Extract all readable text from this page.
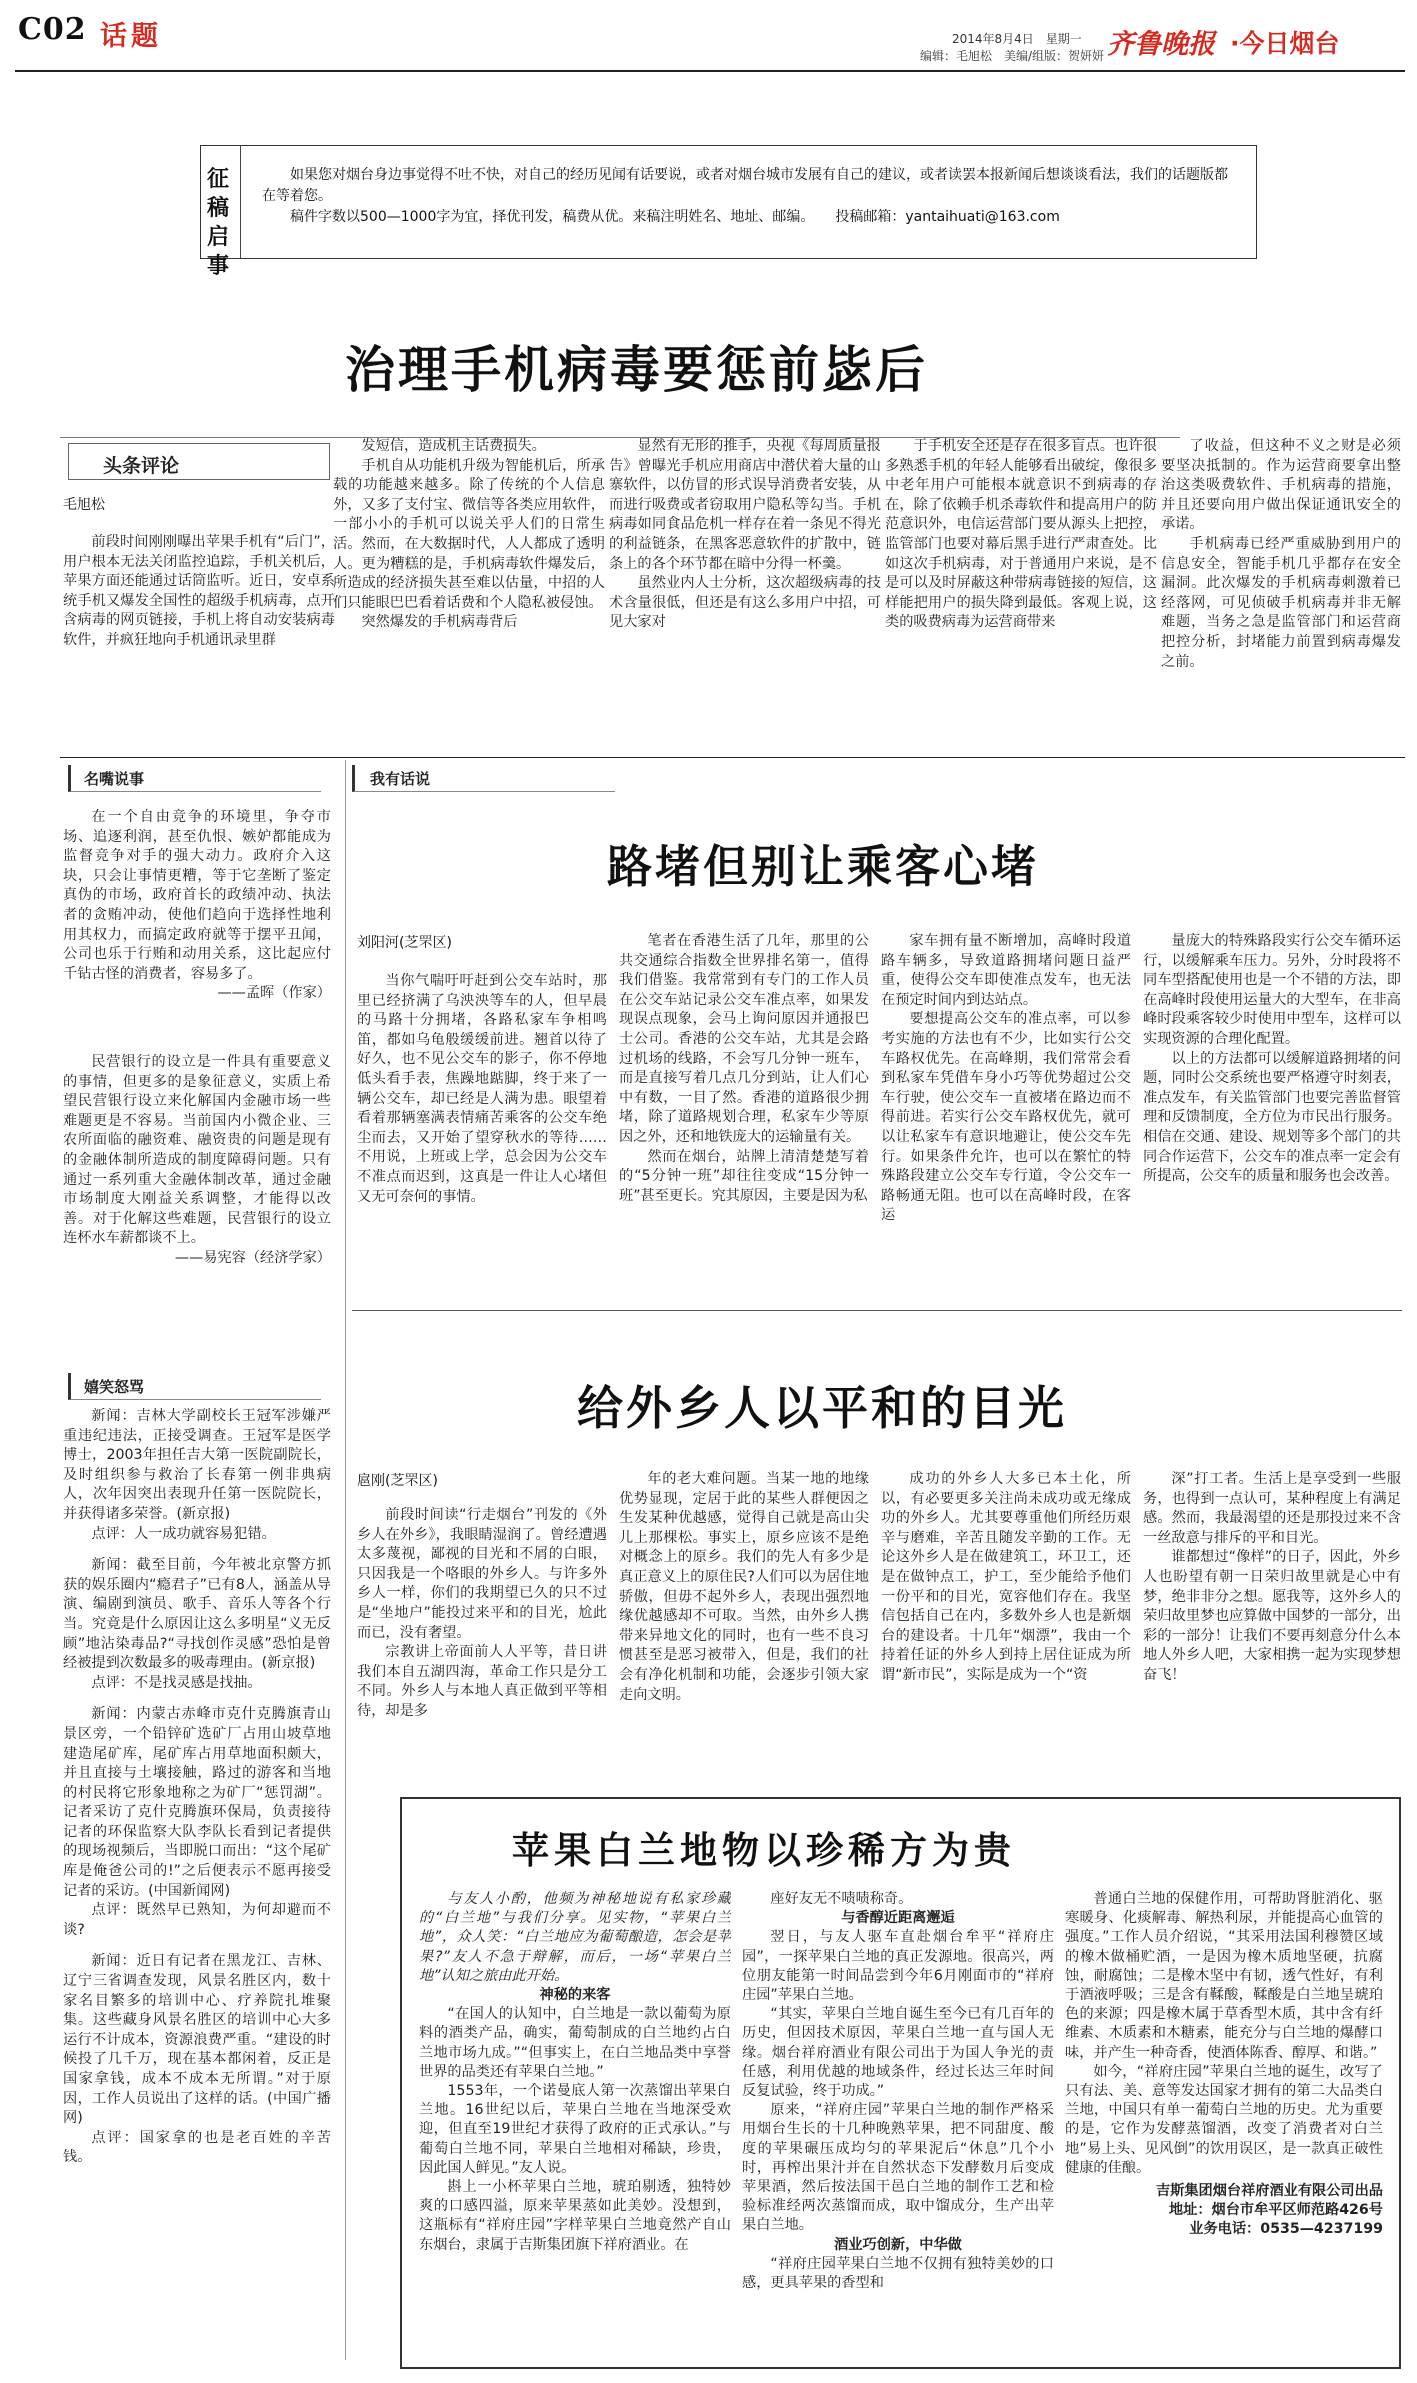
C02 话题	2014年8月4日　星期一
编辑：毛旭松　美编/组版：贺妍妍 齐鲁晚报 ·今日烟台
征稿启事
如果您对烟台身边事觉得不吐不快，对自己的经历见闻有话要说，或者对烟台城市发展有自己的建议，或者读罢本报新闻后想谈谈看法，我们的话题版都在等着您。
稿件字数以500—1000字为宜，择优刊发，稿费从优。来稿注明姓名、地址、邮编。　　 投稿邮箱：yantaihuati@163.com
治理手机病毒要惩前毖后
头条评论
毛旭松

前段时间刚刚曝出苹果手机有“后门”，用户根本无法关闭监控追踪，手机关机后，苹果方面还能通过话筒监听。近日，安卓系统手机又爆发全国性的超级手机病毒，点开含病毒的网页链接，手机上将自动安装病毒软件，并疯狂地向手机通讯录里群

发短信，造成机主话费损失。

手机自从功能机升级为智能机后，所承载的功能越来越多。除了传统的个人信息外，又多了支付宝、微信等各类应用软件，一部小小的手机可以说关乎人们的日常生活。然而，在大数据时代，人人都成了透明人。更为糟糕的是，手机病毒软件爆发后，所造成的经济损失甚至难以估量，中招的人们只能眼巴巴看着话费和个人隐私被侵蚀。

突然爆发的手机病毒背后

显然有无形的推手，央视《每周质量报告》曾曝光手机应用商店中潜伏着大量的山寨软件，以仿冒的形式误导消费者安装，从而进行吸费或者窃取用户隐私等勾当。手机病毒如同食品危机一样存在着一条见不得光的利益链条，在黑客恶意软件的扩散中，链条上的各个环节都在暗中分得一杯羹。

虽然业内人士分析，这次超级病毒的技术含量很低，但还是有这么多用户中招，可见大家对

于手机安全还是存在很多盲点。也许很多熟悉手机的年轻人能够看出破绽，像很多中老年用户可能根本就意识不到病毒的存在，除了依赖手机杀毒软件和提高用户的防范意识外，电信运营部门要从源头上把控，监管部门也要对幕后黑手进行严肃查处。比如这次手机病毒，对于普通用户来说，是不是可以及时屏蔽这种带病毒链接的短信，这样能把用户的损失降到最低。客观上说，这类的吸费病毒为运营商带来

了收益，但这种不义之财是必须要坚决抵制的。作为运营商要拿出整治这类吸费软件、手机病毒的措施，并且还要向用户做出保证通讯安全的承诺。

手机病毒已经严重威胁到用户的信息安全，智能手机几乎都存在安全漏洞。此次爆发的手机病毒刺激着已经落网，可见侦破手机病毒并非无解难题，当务之急是监管部门和运营商把控分析，封堵能力前置到病毒爆发之前。

名嘴说事

在一个自由竞争的环境里，争夺市场、追逐利润，甚至仇恨、嫉妒都能成为监督竞争对手的强大动力。政府介入这块，只会让事情更糟，等于它垄断了鉴定真伪的市场，政府首长的政绩冲动、执法者的贪贿冲动，使他们趋向于选择性地利用其权力，而搞定政府就等于摆平丑闻，公司也乐于行贿和动用关系，这比起应付千钻古怪的消费者，容易多了。

——孟晖（作家）

民营银行的设立是一件具有重要意义的事情，但更多的是象征意义，实质上希望民营银行设立来化解国内金融市场一些难题更是不容易。当前国内小微企业、三农所面临的融资难、融资贵的问题是现有的金融体制所造成的制度障碍问题。只有通过一系列重大金融体制改革，通过金融市场制度大刚益关系调整，才能得以改善。对于化解这些难题，民营银行的设立连杯水车薪都谈不上。

——易宪容（经济学家）

嬉笑怒骂

新闻：吉林大学副校长王冠军涉嫌严重违纪违法，正接受调查。王冠军是医学博士，2003年担任吉大第一医院副院长，及时组织参与救治了长春第一例非典病人，次年因突出表现升任第一医院院长，并获得诸多荣誉。(新京报)

点评：人一成功就容易犯错。

新闻：截至目前，今年被北京警方抓获的娱乐圈内“瘾君子”已有8人，涵盖从导演、编剧到演员、歌手、音乐人等各个行当。究竟是什么原因让这么多明星“义无反顾”地沾染毒品?“寻找创作灵感”恐怕是曾经被提到次数最多的吸毒理由。(新京报)

点评：不是找灵感是找抽。

新闻：内蒙古赤峰市克什克腾旗青山景区旁，一个铅锌矿选矿厂占用山坡草地建造尾矿库，尾矿库占用草地面积颇大，并且直接与土壤接触，路过的游客和当地的村民将它形象地称之为矿厂“惩罚湖”。记者采访了克什克腾旗环保局，负责接待记者的环保监察大队李队长看到记者提供的现场视频后，当即脱口而出：“这个尾矿库是俺爸公司的!”之后便表示不愿再接受记者的采访。(中国新闻网)

点评：既然早已熟知，为何却避而不谈?

新闻：近日有记者在黑龙江、吉林、辽宁三省调查发现，风景名胜区内，数十家名目繁多的培训中心、疗养院扎堆聚集。这些藏身风景名胜区的培训中心大多运行不计成本，资源浪费严重。“建设的时候投了几千万，现在基本都闲着，反正是国家拿钱，成本不成本无所谓。”对于原因，工作人员说出了这样的话。(中国广播网)

点评：国家拿的也是老百姓的辛苦钱。

我有话说
路堵但别让乘客心堵
刘阳河(芝罘区)

当你气喘吁吁赶到公交车站时，那里已经挤满了乌泱泱等车的人，但早晨的马路十分拥堵，各路私家车争相鸣笛，都如乌龟般缓缓前进。翘首以待了好久，也不见公交车的影子，你不停地低头看手表，焦躁地踮脚，终于来了一辆公交车，却已经是人满为患。眼望着看着那辆塞满表情痛苦乘客的公交车绝尘而去，又开始了望穿秋水的等待……不用说，上班或上学，总会因为公交车不准点而迟到，这真是一件让人心堵但又无可奈何的事情。

笔者在香港生活了几年，那里的公共交通综合指数全世界排名第一，值得我们借鉴。我常常到有专门的工作人员在公交车站记录公交车准点率，如果发现误点现象，会马上询问原因并通报巴士公司。香港的公交车站，尤其是会路过机场的线路，不会写几分钟一班车，而是直接写着几点几分到站，让人们心中有数，一目了然。香港的道路很少拥堵，除了道路规划合理，私家车少等原因之外，还和地铁庞大的运输量有关。

然而在烟台，站牌上清清楚楚写着的“5分钟一班”却往往变成“15分钟一班”甚至更长。究其原因，主要是因为私

家车拥有量不断增加，高峰时段道路车辆多，导致道路拥堵问题日益严重，使得公交车即使准点发车，也无法在预定时间内到达站点。

要想提高公交车的准点率，可以参考实施的方法也有不少，比如实行公交车路权优先。在高峰期，我们常常会看到私家车凭借车身小巧等优势超过公交车行驶，使公交车一直被堵在路边而不得前进。若实行公交车路权优先，就可以让私家车有意识地避让，使公交车先行。如果条件允许，也可以在繁忙的特殊路段建立公交车专行道，令公交车一路畅通无阻。也可以在高峰时段，在客运

量庞大的特殊路段实行公交车循环运行，以缓解乘车压力。另外，分时段将不同车型搭配使用也是一个不错的方法，即在高峰时段使用运量大的大型车，在非高峰时段乘客较少时使用中型车，这样可以实现资源的合理化配置。

以上的方法都可以缓解道路拥堵的问题，同时公交系统也要严格遵守时刻表，准点发车，有关监管部门也要完善监督管理和反馈制度，全方位为市民出行服务。相信在交通、建设、规划等多个部门的共同合作运营下，公交车的准点率一定会有所提高，公交车的质量和服务也会改善。

给外乡人以平和的目光
扈刚(芝罘区)

前段时间读“行走烟台”刊发的《外乡人在外乡》，我眼睛湿润了。曾经遭遇太多蔑视，鄙视的目光和不屑的白眼，只因我是一个咯眼的外乡人。与许多外乡人一样，你们的我期望已久的只不过是“坐地户”能投过来平和的目光，尬此而已，没有奢望。

宗教讲上帝面前人人平等，昔日讲我们本自五湖四海，革命工作只是分工不同。外乡人与本地人真正做到平等相待，却是多

年的老大难问题。当某一地的地缘优势显现，定居于此的某些人群便因之生发某种优越感，觉得自己就是高山尖儿上那棵松。事实上，原乡应该不是绝对概念上的原乡。我们的先人有多少是真正意义上的原住民?人们可以为居住地骄傲，但毋不起外乡人，表现出强烈地缘优越感却不可取。当然，由外乡人携带来异地文化的同时，也有一些不良习惯甚至是恶习被带入，但是，我们的社会有净化机制和功能，会逐步引领大家走向文明。

成功的外乡人大多已本土化，所以，有必要更多关注尚未成功或无缘成功的外乡人。尤其要尊重他们所经历艰辛与磨难，辛苦且随发辛勤的工作。无论这外乡人是在做建筑工，环卫工，还是在做钟点工，护工，至少能给予他们一份平和的目光，宽容他们存在。我坚信包括自己在内，多数外乡人也是新烟台的建设者。十几年“烟漂”，我由一个持着任证的外乡人到持上居住证成为所谓“新市民”，实际是成为一个“资

深”打工者。生活上是享受到一些服务，也得到一点认可，某种程度上有满足感。然而，我最渴望的还是那投过来不含一丝敌意与排斥的平和目光。

谁都想过“像样”的日子，因此，外乡人也盼望有朝一日荣归故里就是心中有梦，绝非非分之想。愿我等，这外乡人的荣归故里梦也应算做中国梦的一部分，出彩的一部分！让我们不要再刻意分什么本地人外乡人吧，大家相携一起为实现梦想奋飞！

苹果白兰地物以珍稀方为贵

与友人小酌，他频为神秘地说有私家珍藏的“白兰地”与我们分享。见实物，“苹果白兰地”，众人笑：“白兰地应为葡萄酿造，怎会是苹果?”友人不急于辩解，而后，一场“苹果白兰地”认知之旅由此开始。

神秘的来客

“在国人的认知中，白兰地是一款以葡萄为原料的酒类产品，确实，葡萄制成的白兰地约占白兰地市场九成。”“但事实上，在白兰地品类中享誉世界的品类还有苹果白兰地。”

1553年，一个诺曼底人第一次蒸馏出苹果白兰地。16世纪以后，苹果白兰地在当地深受欢迎，但直至19世纪才获得了政府的正式承认。”与葡萄白兰地不同，苹果白兰地相对稀缺，珍贵，因此国人鲜见。”友人说。

斟上一小杯苹果白兰地，琥珀剔透，独特妙爽的口感四溢，原来苹果蒸如此美妙。没想到，这瓶标有“祥府庄园”字样苹果白兰地竟然产自山东烟台，隶属于吉斯集团旗下祥府酒业。在

座好友无不啧啧称奇。

与香醇近距离邂逅

翌日，与友人驱车直赴烟台牟平“祥府庄园”，一探苹果白兰地的真正发源地。很高兴，两位朋友能第一时间品尝到今年6月刚面市的“祥府庄园”苹果白兰地。

“其实，苹果白兰地自诞生至今已有几百年的历史，但因技术原因，苹果白兰地一直与国人无缘。烟台祥府酒业有限公司出于为国人争光的责任感，利用优越的地域条件，经过长达三年时间反复试验，终于功成。”

原来，“祥府庄园”苹果白兰地的制作严格采用烟台生长的十几种晚熟苹果，把不同甜度、酸度的苹果碾压成均匀的苹果泥后“休息”几个小时，再榨出果汁并在自然状态下发酵数月后变成苹果酒，然后按法国干邑白兰地的制作工艺和检验标准经两次蒸馏而成，取中馏成分，生产出苹果白兰地。

酒业巧创新，中华做

“祥府庄园苹果白兰地不仅拥有独特美妙的口感，更具苹果的香型和

普通白兰地的保健作用，可帮助肾脏消化、驱寒暖身、化痰解毒、解热利尿，并能提高心血管的强度。”工作人员介绍说，“其采用法国利穆赞区域的橡木做桶贮酒，一是因为橡木质地坚硬，抗腐蚀，耐腐蚀；二是橡木坚中有韧，透气性好，有利于酒液呼吸；三是含有鞣酸，鞣酸是白兰地呈琥珀色的来源；四是橡木属于草香型木质，其中含有纤维素、木质素和木糖素，能充分与白兰地的爆酵口味，并产生一种奇香，使酒体陈香、醇厚、和谐。”

如今，“祥府庄园”苹果白兰地的诞生，改写了只有法、美、意等发达国家才拥有的第二大品类白兰地，中国只有单一葡萄白兰地的历史。尤为重要的是，它作为发酵蒸馏酒，改变了消费者对白兰地”易上头、见风倒”的饮用误区，是一款真正破性健康的佳酿。

吉斯集团烟台祥府酒业有限公司出品

地址：烟台市牟平区师范路426号

业务电话：0535—4237199
